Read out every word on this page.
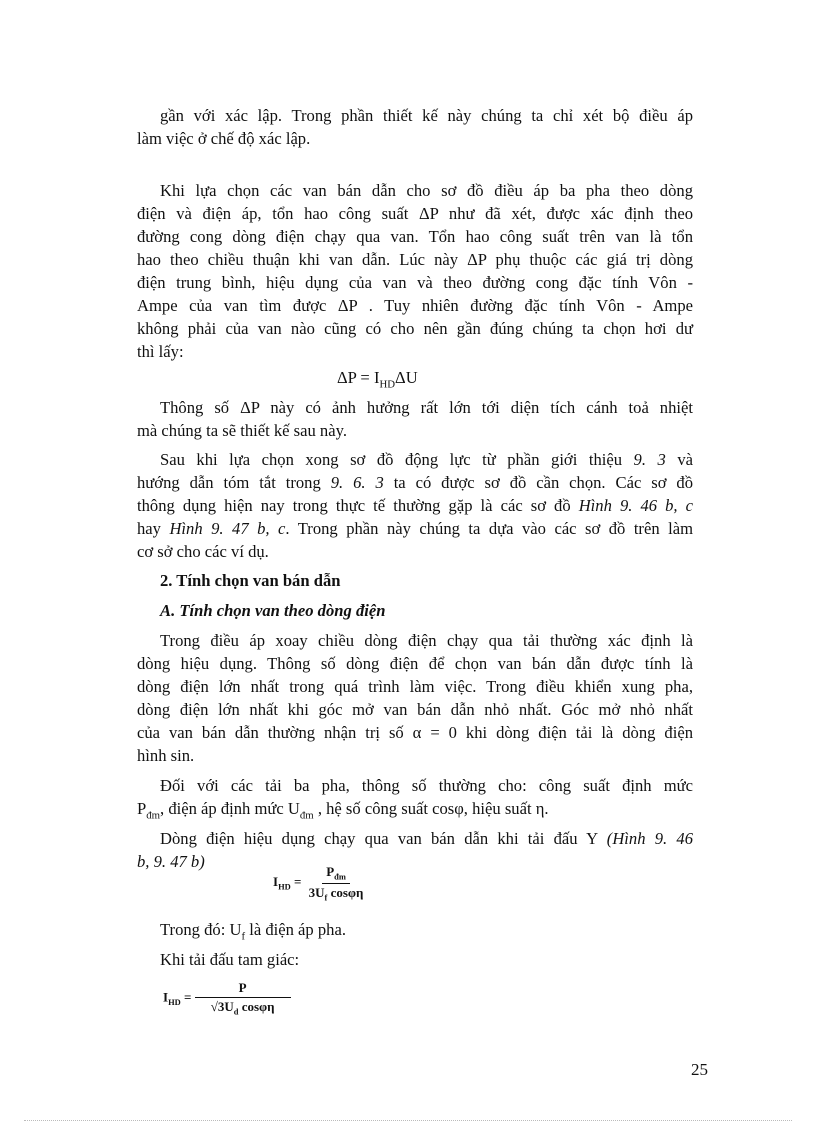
gần với xác lập. Trong phần thiết kế này chúng ta chỉ xét bộ điều áp
làm việc ở chế độ xác lập.
Khi lựa chọn các van bán dẫn cho sơ đồ điều áp ba pha theo dòng
điện và điện áp, tổn hao công suất ΔP như đã xét, được xác định theo
đường cong dòng điện chạy qua van. Tổn hao công suất trên van là tổn
hao theo chiều thuận khi van dẫn. Lúc này ΔP phụ thuộc các giá trị dòng
điện trung bình, hiệu dụng của van và theo đường cong đặc tính Vôn -
Ampe của van tìm được ΔP . Tuy nhiên đường đặc tính Vôn - Ampe
không phải của van nào cũng có cho nên gần đúng chúng ta chọn hơi dư
thì lấy:
$\Delta P = I_{HD}\Delta U$
Thông số ΔP này có ảnh hưởng rất lớn tới diện tích cánh toả nhiệt
mà chúng ta sẽ thiết kế sau này.
Sau khi lựa chọn xong sơ đồ động lực từ phần giới thiệu 9. 3 và
hướng dẫn tóm tắt trong 9. 6. 3 ta có được sơ đồ cần chọn. Các sơ đồ
thông dụng hiện nay trong thực tế thường gặp là các sơ đồ Hình 9. 46 b, c
hay Hình 9. 47 b, c. Trong phần này chúng ta dựa vào các sơ đồ trên làm
cơ sở cho các ví dụ.
2. Tính chọn van bán dẫn
A. Tính chọn van theo dòng điện
Trong điều áp xoay chiều dòng điện chạy qua tải thường xác định là
dòng hiệu dụng. Thông số dòng điện để chọn van bán dẫn được tính là
dòng điện lớn nhất trong quá trình làm việc. Trong điều khiển xung pha,
dòng điện lớn nhất khi góc mở van bán dẫn nhỏ nhất. Góc mở nhỏ nhất
của van bán dẫn thường nhận trị số α = 0 khi dòng điện tải là dòng điện
hình sin.
Đối với các tải ba pha, thông số thường cho: công suất định mức
$P_{đm}$, điện áp định mức $U_{đm}$ , hệ số công suất cosφ, hiệu suất η.
Dòng điện hiệu dụng chạy qua van bán dẫn khi tải đấu Y (Hình 9. 46
b, 9. 47 b)
$I_{HD} = \frac{P_{đm}}{3U_f \cos\varphi\eta}$
Trong đó: $U_f$ là điện áp pha.
Khi tải đấu tam giác:
$I_{HD} = \frac{P}{√3U_d \cos\varphi\eta}$
25
